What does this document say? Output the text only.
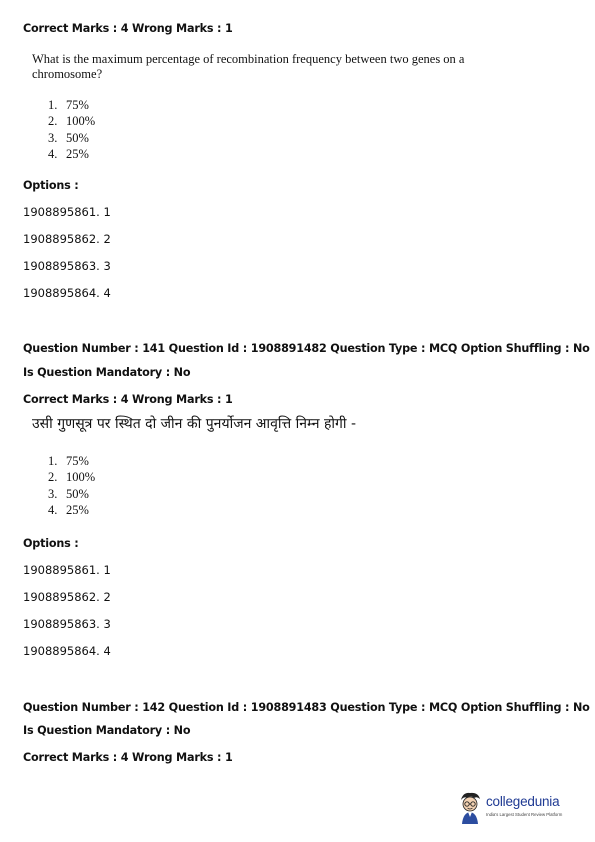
Correct Marks : 4 Wrong Marks : 1
What is the maximum percentage of recombination frequency between two genes on a chromosome?
1. 75%
2. 100%
3. 50%
4. 25%
Options :
1908895861. 1
1908895862. 2
1908895863. 3
1908895864. 4
Question Number : 141 Question Id : 1908891482 Question Type : MCQ Option Shuffling : No
Is Question Mandatory : No
Correct Marks : 4 Wrong Marks : 1
उसी गुणसूत्र पर स्थित दो जीन की पुनर्योजन आवृत्ति निम्न होगी -
1. 75%
2. 100%
3. 50%
4. 25%
Options :
1908895861. 1
1908895862. 2
1908895863. 3
1908895864. 4
Question Number : 142 Question Id : 1908891483 Question Type : MCQ Option Shuffling : No
Is Question Mandatory : No
Correct Marks : 4 Wrong Marks : 1
collegedunia
India's Largest Student Review Platform
